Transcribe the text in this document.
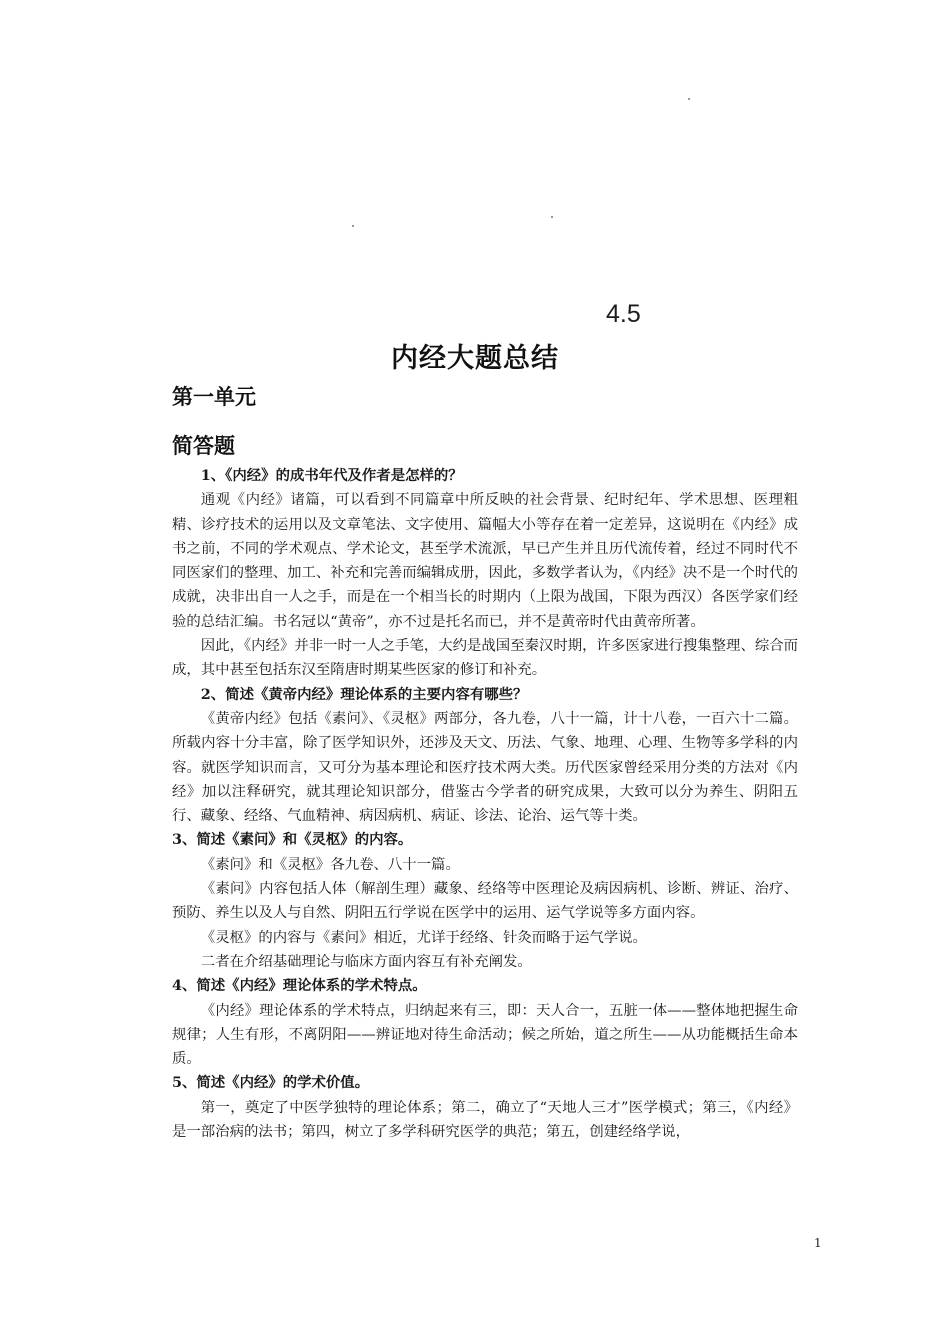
4.5
内经大题总结
第一单元
简答题
1、《内经》的成书年代及作者是怎样的？
通观《内经》诸篇，可以看到不同篇章中所反映的社会背景、纪时纪年、学术思想、医理粗精、诊疗技术的运用以及文章笔法、文字使用、篇幅大小等存在着一定差异，这说明在《内经》成书之前，不同的学术观点、学术论文，甚至学术流派，早已产生并且历代流传着，经过不同时代不同医家们的整理、加工、补充和完善而编辑成册，因此，多数学者认为，《内经》决不是一个时代的成就，决非出自一人之手，而是在一个相当长的时期内（上限为战国，下限为西汉）各医学家们经验的总结汇编。书名冠以“黄帝”，亦不过是托名而已，并不是黄帝时代由黄帝所著。
因此，《内经》并非一时一人之手笔，大约是战国至秦汉时期，许多医家进行搜集整理、综合而成，其中甚至包括东汉至隋唐时期某些医家的修订和补充。
2、简述《黄帝内经》理论体系的主要内容有哪些？
《黄帝内经》包括《素问》、《灵枢》两部分，各九卷，八十一篇，计十八卷，一百六十二篇。所载内容十分丰富，除了医学知识外，还涉及天文、历法、气象、地理、心理、生物等多学科的内容。就医学知识而言，又可分为基本理论和医疗技术两大类。历代医家曾经采用分类的方法对《内经》加以注释研究，就其理论知识部分，借鉴古今学者的研究成果，大致可以分为养生、阴阳五行、藏象、经络、气血精神、病因病机、病证、诊法、论治、运气等十类。
3、简述《素问》和《灵枢》的内容。
《素问》和《灵枢》各九卷、八十一篇。
《素问》内容包括人体（解剖生理）藏象、经络等中医理论及病因病机、诊断、辨证、治疗、预防、养生以及人与自然、阴阳五行学说在医学中的运用、运气学说等多方面内容。
《灵枢》的内容与《素问》相近，尤详于经络、针灸而略于运气学说。
二者在介绍基础理论与临床方面内容互有补充阐发。
4、简述《内经》理论体系的学术特点。
《内经》理论体系的学术特点，归纳起来有三，即：天人合一，五脏一体——整体地把握生命规律；人生有形，不离阴阳——辨证地对待生命活动；候之所始，道之所生——从功能概括生命本质。
5、简述《内经》的学术价值。
第一，奠定了中医学独特的理论体系；第二，确立了“天地人三才”医学模式；第三，《内经》是一部治病的法书；第四，树立了多学科研究医学的典范；第五，创建经络学说，
1
